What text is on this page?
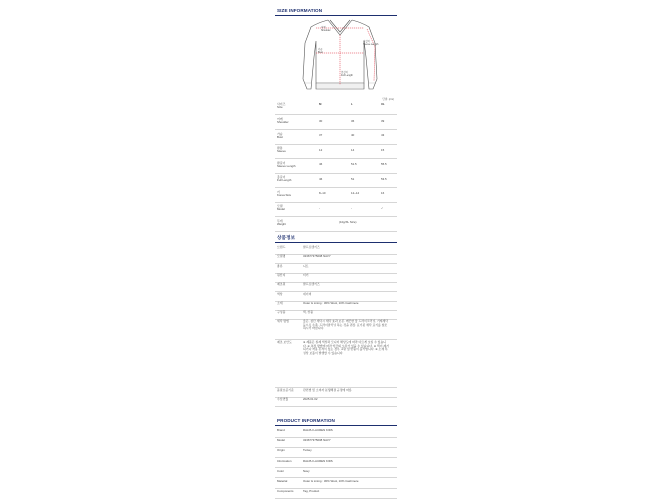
SIZE INFORMATION
어깨
Shoulder
가슴
Bust
팔길이
Sleeve Length
총길이
Full Length
단위: (cm)
사이즈
Size
M	L	XL
어깨
Shoulder	30	36	39
가슴
Bust	37	40	43
팔통
Sleeve	12	14	15
팔길이
Sleeve Length	46	51.5	55.5
총길이
Full Length	46	51	53.5
키
Korea Size	8~10	12~14	16
모델
Model	-	-	✓
무게
Weight	(10g/XL Size)
상품정보
브랜드	랄프로렌키즈
모델명	323677375008 NAVY
종류	니트
원산지	터키
제조원	랄프로렌키즈
색상	네이비
소재	Outer & Lining : 30% Wool, 10% Cashmere
구성품	택, 상품
세탁 방법	울은, 섬단 세탁시 세탁 효과 보존. 깨끗한 물 드라이크리닝, 기계세탁 등으로 수축. 드라이클리닝 하는 것을 권장. 표기된 세탁 표기를 참조하시기 바랍니다.
제조 보안도	※ 제품은 실제 색상과 모니터 해상도에 따라 다르게 보일 수 있습니다. ※ 측정 방법에 따라 약간의 오차가 있을 수 있습니다. ※ 택이 제거되거나 착용 흔적이 있는 경우 교환 및 반품이 불가합니다. ※ 소재 특성상 보풀이 발생할 수 있습니다.
품질보증기준	관련법 및 소비자 분쟁해결 규정에 따름
수입연월	2025.01.02
PRODUCT INFORMATION
Brand	RALPH LAUREN KIDS
Model	323677375008 NAVY
Origin	Turkey
Information	RALPH LAUREN KIDS
Color	Navy
Material	Outer & Lining : 30% Wool, 10% Cashmere
Components	Tag, Product
